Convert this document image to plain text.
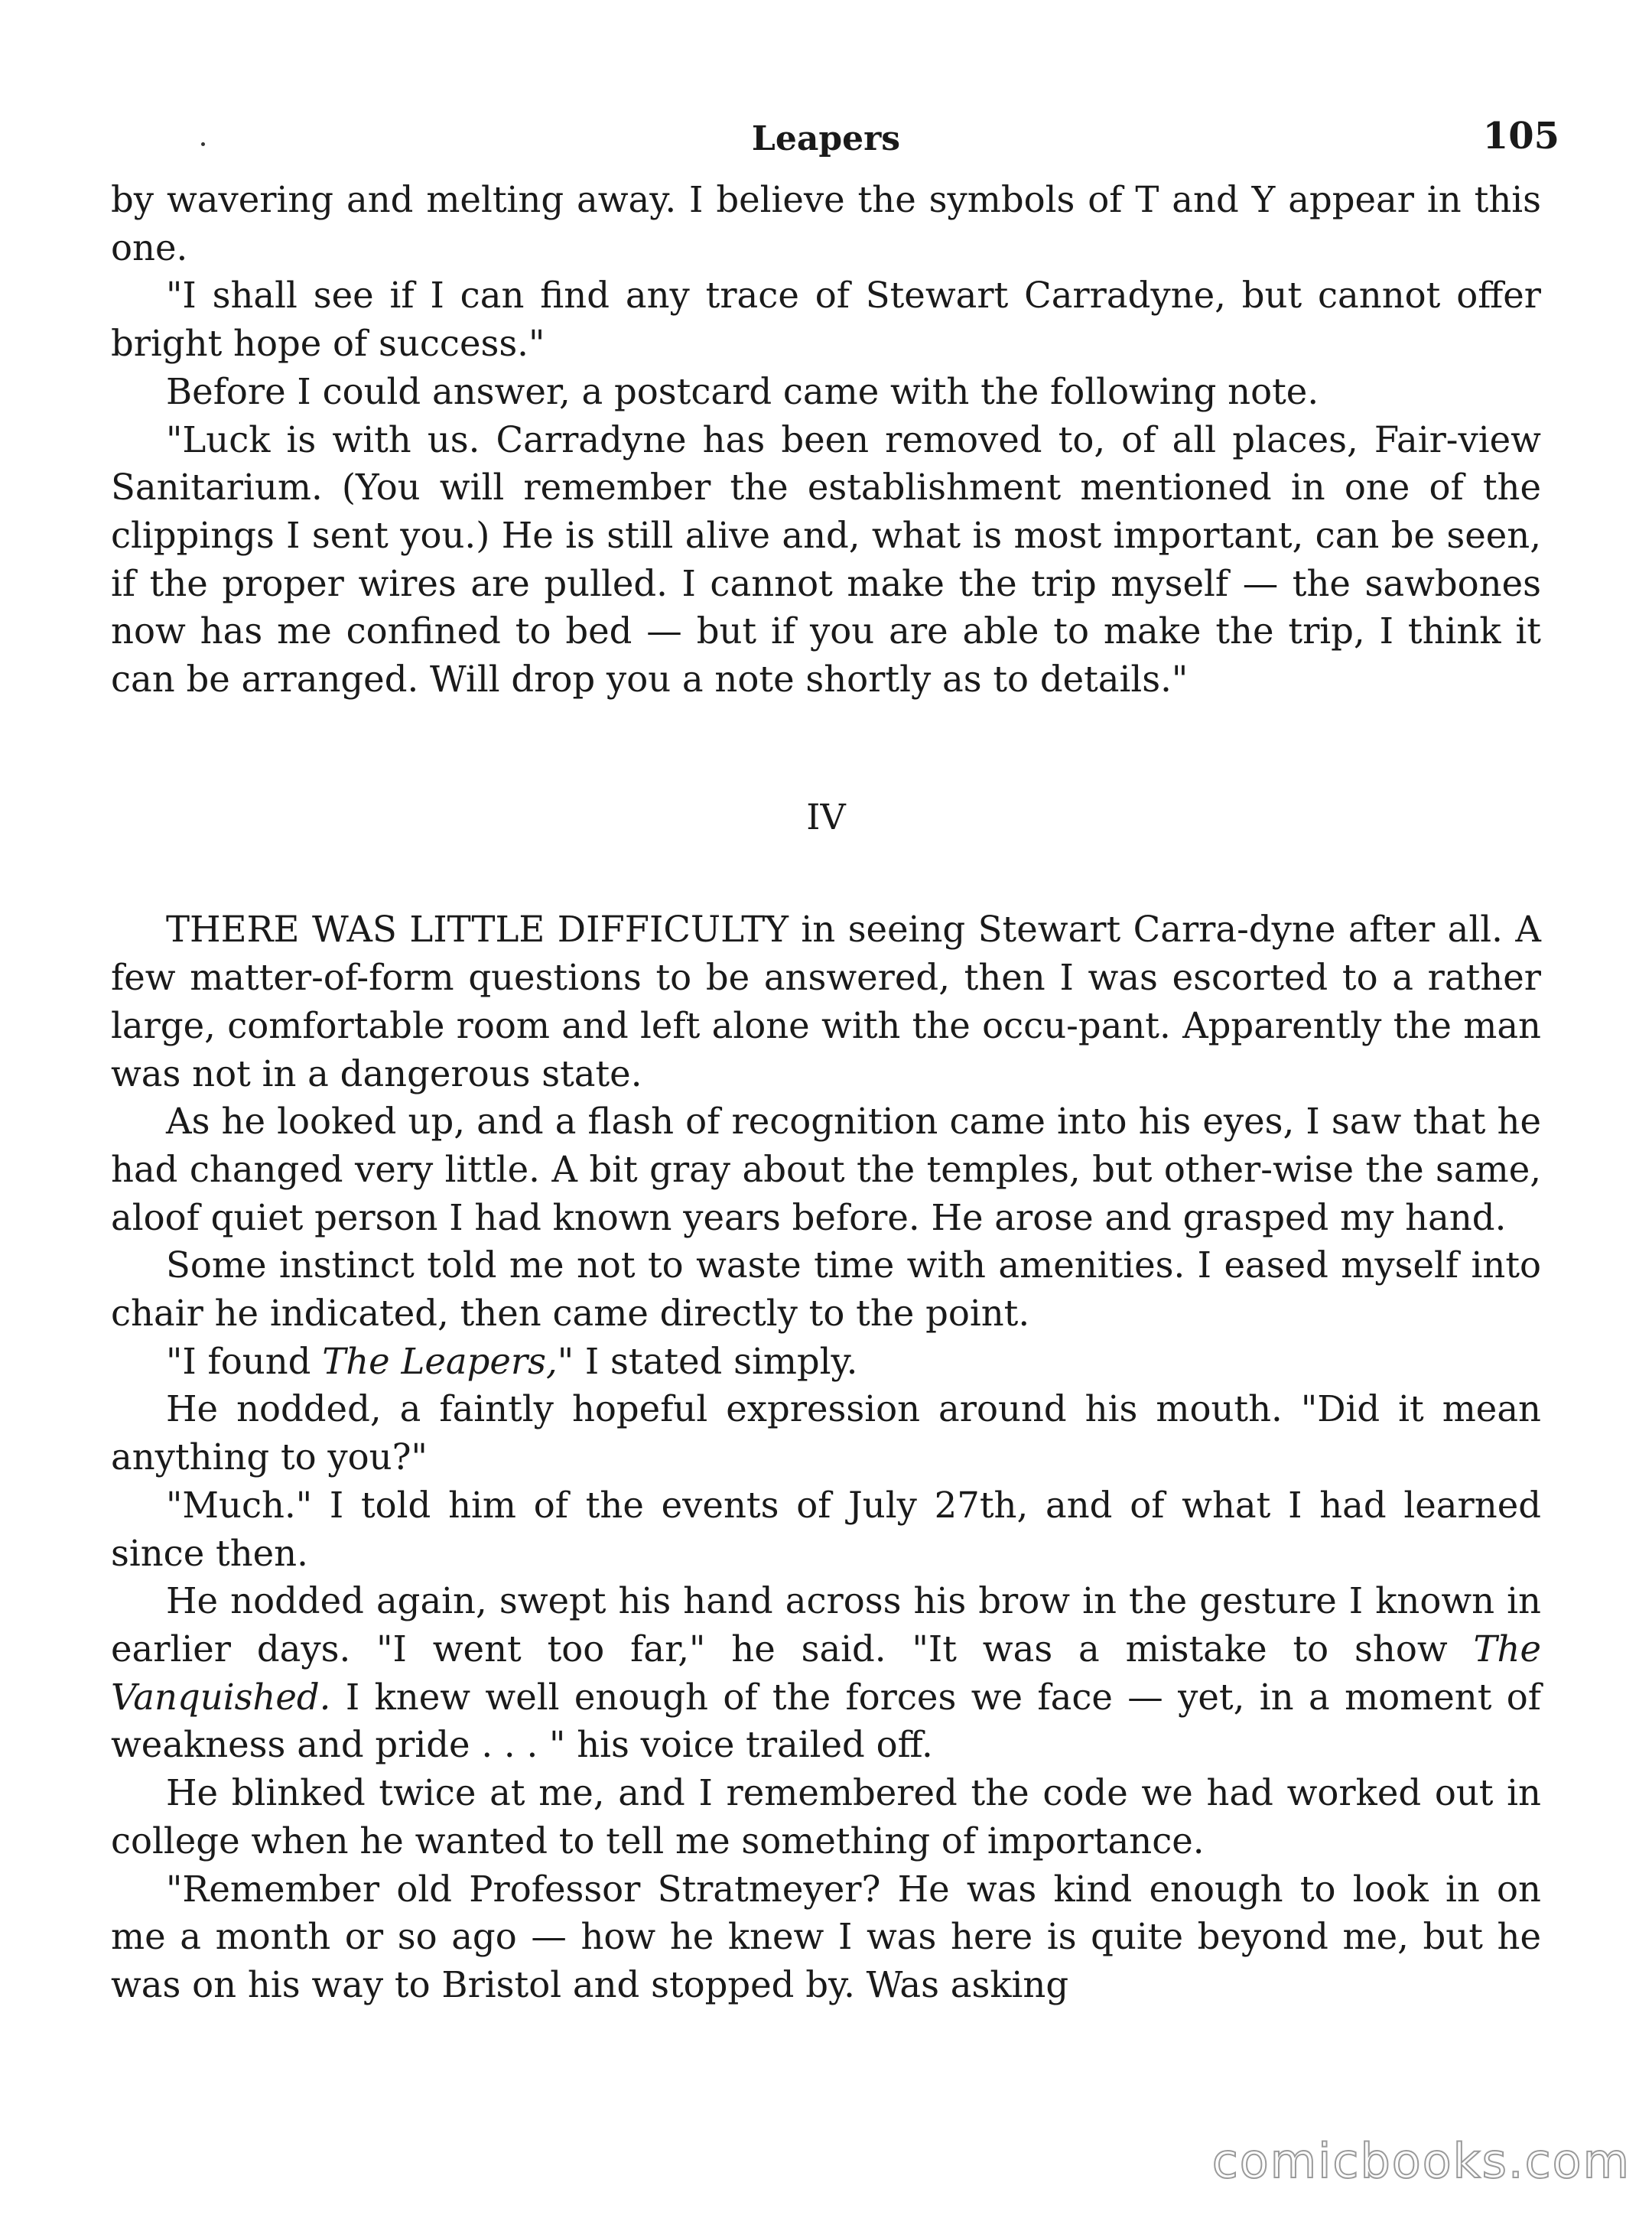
Leapers	105

by wavering and melting away. I believe the symbols of T and Y appear in this one.

"I shall see if I can find any trace of Stewart Carradyne, but cannot offer bright hope of success."

Before I could answer, a postcard came with the following note.

"Luck is with us. Carradyne has been removed to, of all places, Fair-view Sanitarium. (You will remember the establishment mentioned in one of the clippings I sent you.) He is still alive and, what is most important, can be seen, if the proper wires are pulled. I cannot make the trip myself — the sawbones now has me confined to bed — but if you are able to make the trip, I think it can be arranged. Will drop you a note shortly as to details."

IV

THERE WAS LITTLE DIFFICULTY in seeing Stewart Carra-dyne after all. A few matter-of-form questions to be answered, then I was escorted to a rather large, comfortable room and left alone with the occu-pant. Apparently the man was not in a dangerous state.

As he looked up, and a flash of recognition came into his eyes, I saw that he had changed very little. A bit gray about the temples, but other-wise the same, aloof quiet person I had known years before. He arose and grasped my hand.

Some instinct told me not to waste time with amenities. I eased myself into chair he indicated, then came directly to the point.

"I found The Leapers," I stated simply.

He nodded, a faintly hopeful expression around his mouth. "Did it mean anything to you?"

"Much." I told him of the events of July 27th, and of what I had learned since then.

He nodded again, swept his hand across his brow in the gesture I known in earlier days. "I went too far," he said. "It was a mistake to show The Vanquished. I knew well enough of the forces we face — yet, in a moment of weakness and pride . . . " his voice trailed off.

He blinked twice at me, and I remembered the code we had worked out in college when he wanted to tell me something of importance.

"Remember old Professor Stratmeyer? He was kind enough to look in on me a month or so ago — how he knew I was here is quite beyond me, but he was on his way to Bristol and stopped by. Was asking

comicbooks.com
